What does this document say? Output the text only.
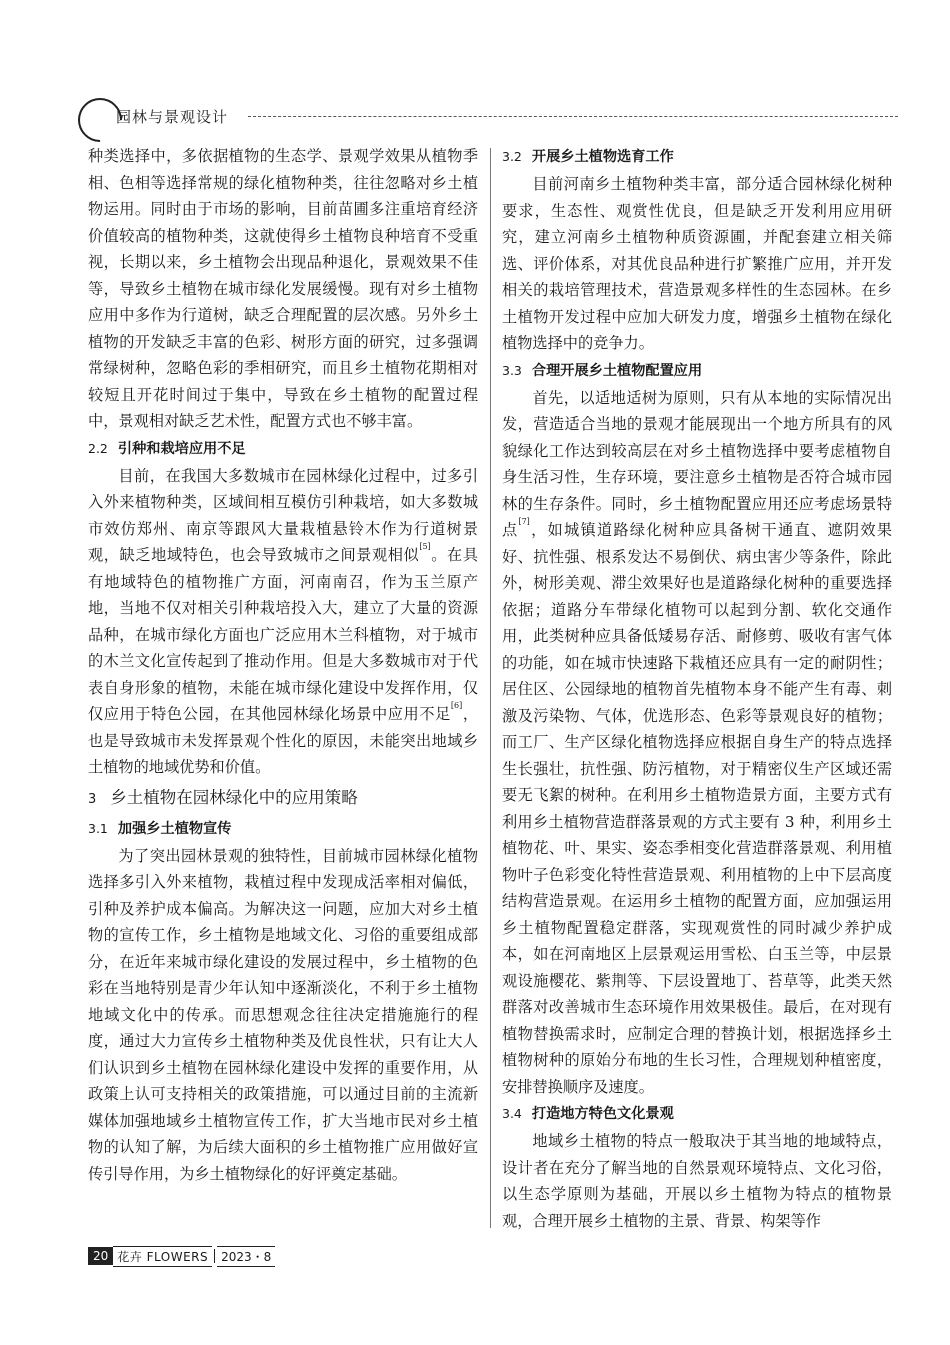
园林与景观设计

种类选择中，多依据植物的生态学、景观学效果从植物季相、色相等选择常规的绿化植物种类，往往忽略对乡土植物运用。同时由于市场的影响，目前苗圃多注重培育经济价值较高的植物种类，这就使得乡土植物良种培育不受重视，长期以来，乡土植物会出现品种退化，景观效果不佳等，导致乡土植物在城市绿化发展缓慢。现有对乡土植物应用中多作为行道树，缺乏合理配置的层次感。另外乡土植物的开发缺乏丰富的色彩、树形方面的研究，过多强调常绿树种，忽略色彩的季相研究，而且乡土植物花期相对较短且开花时间过于集中，导致在乡土植物的配置过程中，景观相对缺乏艺术性，配置方式也不够丰富。

2.2 引种和栽培应用不足

目前，在我国大多数城市在园林绿化过程中，过多引入外来植物种类，区域间相互模仿引种栽培，如大多数城市效仿郑州、南京等跟风大量栽植悬铃木作为行道树景观，缺乏地域特色，也会导致城市之间景观相似[5]。在具有地域特色的植物推广方面，河南南召，作为玉兰原产地，当地不仅对相关引种栽培投入大，建立了大量的资源品种，在城市绿化方面也广泛应用木兰科植物，对于城市的木兰文化宣传起到了推动作用。但是大多数城市对于代表自身形象的植物，未能在城市绿化建设中发挥作用，仅仅应用于特色公园，在其他园林绿化场景中应用不足[6]，也是导致城市未发挥景观个性化的原因，未能突出地域乡土植物的地域优势和价值。

3 乡土植物在园林绿化中的应用策略
3.1 加强乡土植物宣传

为了突出园林景观的独特性，目前城市园林绿化植物选择多引入外来植物，栽植过程中发现成活率相对偏低，引种及养护成本偏高。为解决这一问题，应加大对乡土植物的宣传工作，乡土植物是地域文化、习俗的重要组成部分，在近年来城市绿化建设的发展过程中，乡土植物的色彩在当地特别是青少年认知中逐渐淡化，不利于乡土植物地域文化中的传承。而思想观念往往决定措施施行的程度，通过大力宣传乡土植物种类及优良性状，只有让大人们认识到乡土植物在园林绿化建设中发挥的重要作用，从政策上认可支持相关的政策措施，可以通过目前的主流新媒体加强地域乡土植物宣传工作，扩大当地市民对乡土植物的认知了解，为后续大面积的乡土植物推广应用做好宣传引导作用，为乡土植物绿化的好评奠定基础。

3.2 开展乡土植物选育工作

目前河南乡土植物种类丰富，部分适合园林绿化树种要求，生态性、观赏性优良，但是缺乏开发利用应用研究，建立河南乡土植物种质资源圃，并配套建立相关筛选、评价体系，对其优良品种进行扩繁推广应用，并开发相关的栽培管理技术，营造景观多样性的生态园林。在乡土植物开发过程中应加大研发力度，增强乡土植物在绿化植物选择中的竞争力。

3.3 合理开展乡土植物配置应用

首先，以适地适树为原则，只有从本地的实际情况出发，营造适合当地的景观才能展现出一个地方所具有的风貌绿化工作达到较高层在对乡土植物选择中要考虑植物自身生活习性，生存环境，要注意乡土植物是否符合城市园林的生存条件。同时，乡土植物配置应用还应考虑场景特点[7]，如城镇道路绿化树种应具备树干通直、遮阴效果好、抗性强、根系发达不易倒伏、病虫害少等条件，除此外，树形美观、滞尘效果好也是道路绿化树种的重要选择依据；道路分车带绿化植物可以起到分割、软化交通作用，此类树种应具备低矮易存活、耐修剪、吸收有害气体的功能，如在城市快速路下栽植还应具有一定的耐阴性；居住区、公园绿地的植物首先植物本身不能产生有毒、刺激及污染物、气体，优选形态、色彩等景观良好的植物；而工厂、生产区绿化植物选择应根据自身生产的特点选择生长强壮，抗性强、防污植物，对于精密仪生产区域还需要无飞絮的树种。在利用乡土植物造景方面，主要方式有利用乡土植物营造群落景观的方式主要有 3 种，利用乡土植物花、叶、果实、姿态季相变化营造群落景观、利用植物叶子色彩变化特性营造景观、利用植物的上中下层高度结构营造景观。在运用乡土植物的配置方面，应加强运用乡土植物配置稳定群落，实现观赏性的同时减少养护成本，如在河南地区上层景观运用雪松、白玉兰等，中层景观设施樱花、紫荆等、下层设置地丁、苔草等，此类天然群落对改善城市生态环境作用效果极佳。最后，在对现有植物替换需求时，应制定合理的替换计划，根据选择乡土植物树种的原始分布地的生长习性，合理规划种植密度，安排替换顺序及速度。

3.4 打造地方特色文化景观

地域乡土植物的特点一般取决于其当地的地域特点，设计者在充分了解当地的自然景观环境特点、文化习俗，以生态学原则为基础，开展以乡土植物为特点的植物景观，合理开展乡土植物的主景、背景、构架等作

20 花卉 FLOWERS	2023・8
